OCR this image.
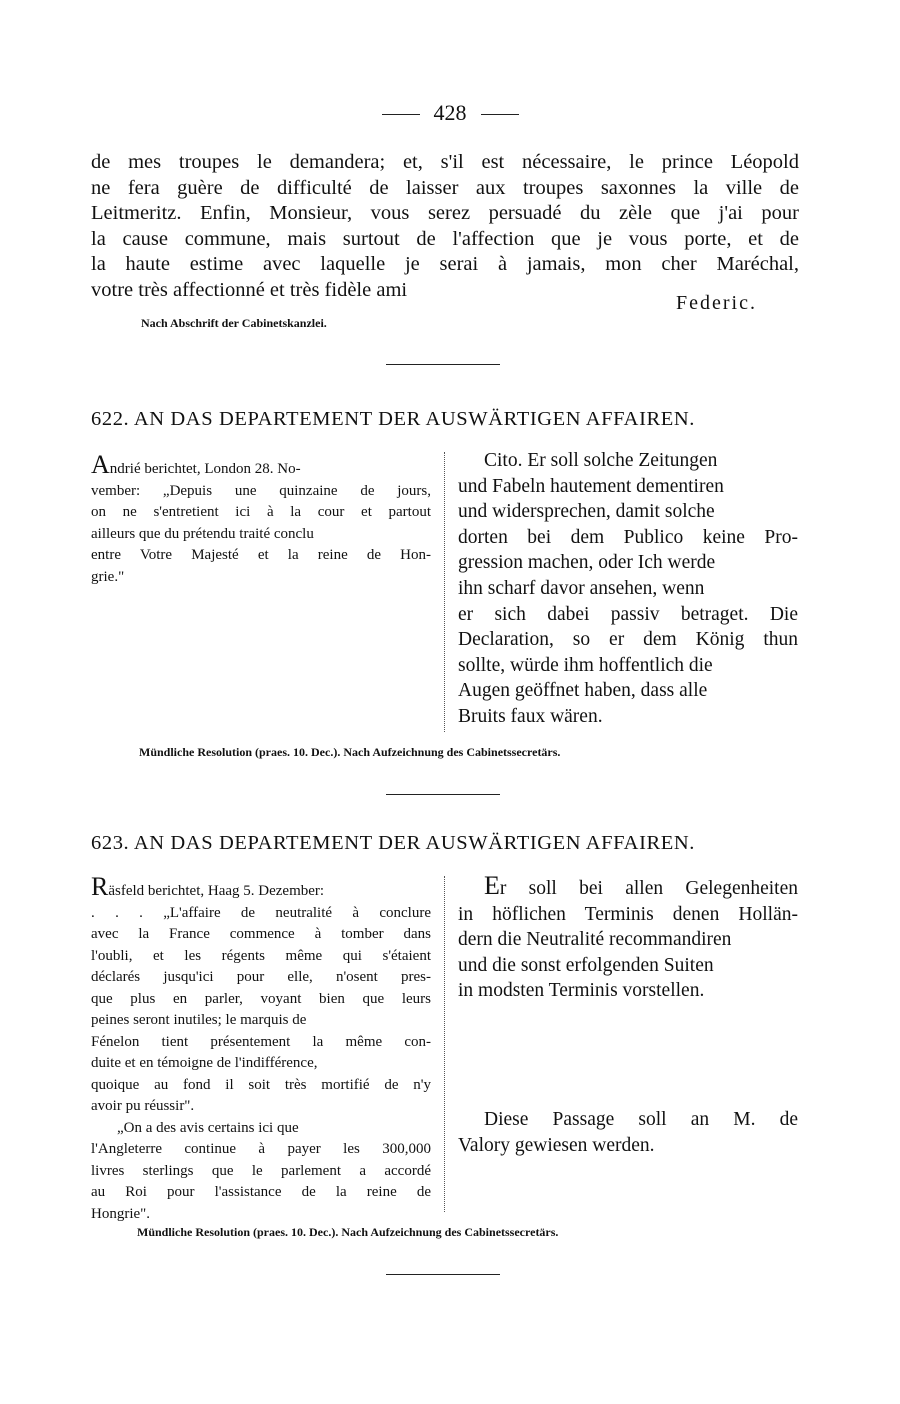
428
de mes troupes le demandera; et, s'il est nécessaire, le prince Léopold
ne fera guère de difficulté de laisser aux troupes saxonnes la ville de
Leitmeritz. Enfin, Monsieur, vous serez persuadé du zèle que j'ai pour
la cause commune, mais surtout de l'affection que je vous porte, et de
la haute estime avec laquelle je serai à jamais, mon cher Maréchal,
votre très affectionné et très fidèle ami
Federic.
Nach Abschrift der Cabinetskanzlei.
622. AN DAS DEPARTEMENT DER AUSWÄRTIGEN AFFAIREN.
Andrié berichtet, London 28. No-
vember: „Depuis une quinzaine de jours,
on ne s'entretient ici à la cour et partout
ailleurs que du prétendu traité conclu
entre Votre Majesté et la reine de Hon-
grie."
Cito. Er soll solche Zeitungen
und Fabeln hautement dementiren
und widersprechen, damit solche
dorten bei dem Publico keine Pro-
gression machen, oder Ich werde
ihn scharf davor ansehen, wenn
er sich dabei passiv betraget. Die
Declaration, so er dem König thun
sollte, würde ihm hoffentlich die
Augen geöffnet haben, dass alle
Bruits faux wären.
Mündliche Resolution (praes. 10. Dec.). Nach Aufzeichnung des Cabinetssecretärs.
623. AN DAS DEPARTEMENT DER AUSWÄRTIGEN AFFAIREN.
Räsfeld berichtet, Haag 5. Dezember:
. . . „L'affaire de neutralité à conclure
avec la France commence à tomber dans
l'oubli, et les régents même qui s'étaient
déclarés jusqu'ici pour elle, n'osent pres-
que plus en parler, voyant bien que leurs
peines seront inutiles; le marquis de
Fénelon tient présentement la même con-
duite et en témoigne de l'indifférence,
quoique au fond il soit très mortifié de n'y
avoir pu réussir".
„On a des avis certains ici que
l'Angleterre continue à payer les 300,000
livres sterlings que le parlement a accordé
au Roi pour l'assistance de la reine de
Hongrie".
Er soll bei allen Gelegenheiten
in höflichen Terminis denen Hollän-
dern die Neutralité recommandiren
und die sonst erfolgenden Suiten
in modsten Terminis vorstellen.
Diese Passage soll an M. de
Valory gewiesen werden.
Mündliche Resolution (praes. 10. Dec.). Nach Aufzeichnung des Cabinetssecretärs.
